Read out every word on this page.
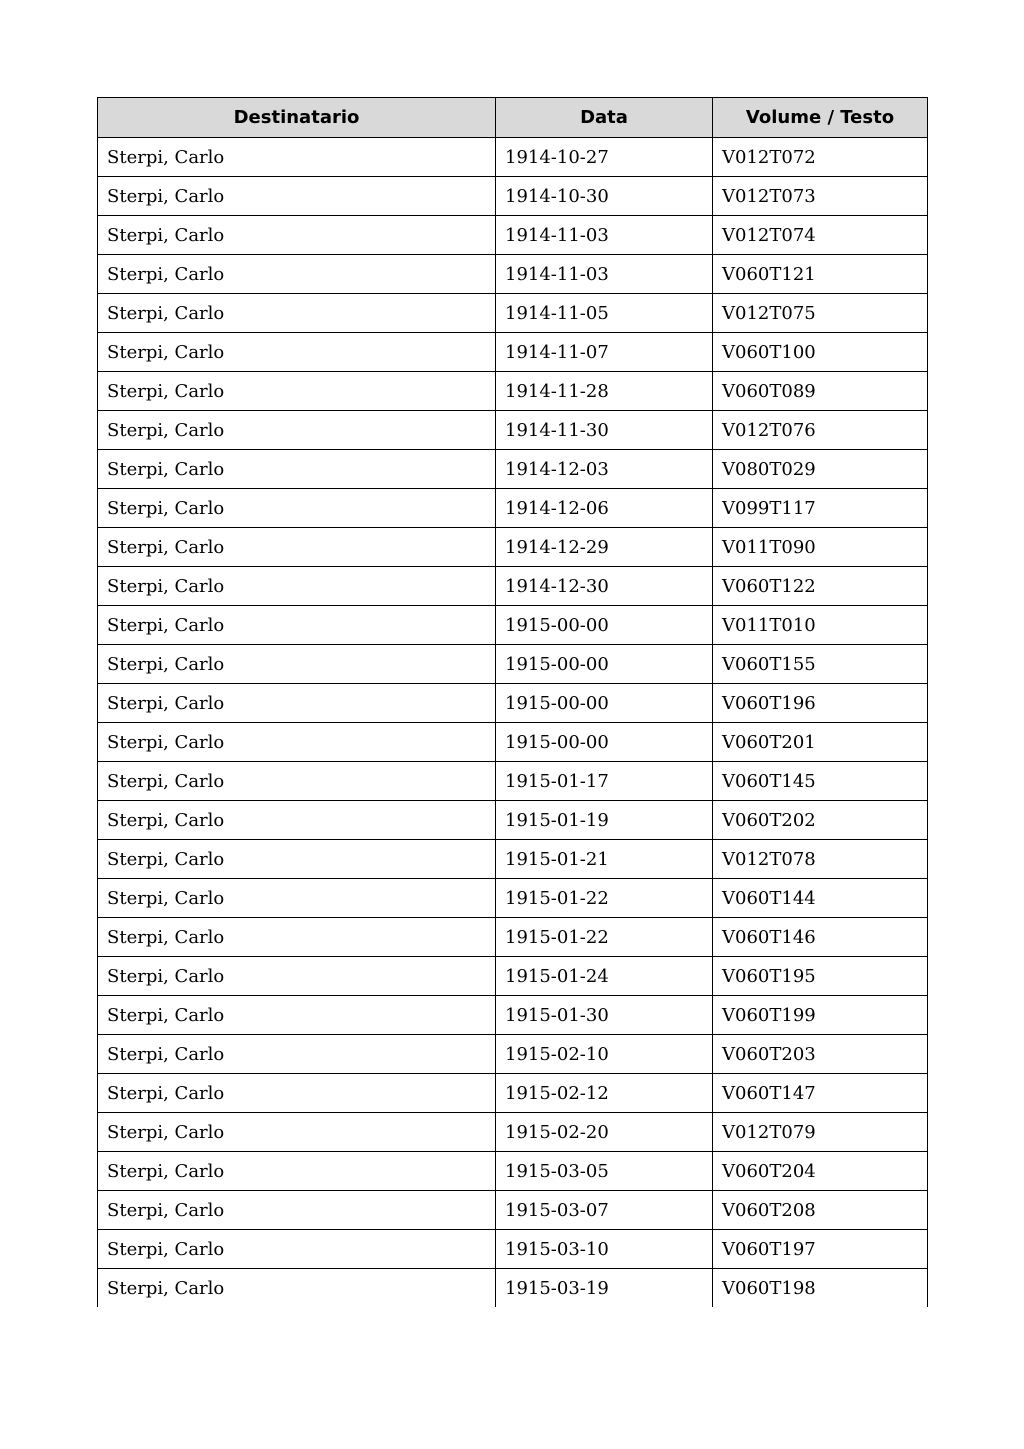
Destinatario	Data	Volume / Testo
Sterpi, Carlo	1914-10-27	V012T072
Sterpi, Carlo	1914-10-30	V012T073
Sterpi, Carlo	1914-11-03	V012T074
Sterpi, Carlo	1914-11-03	V060T121
Sterpi, Carlo	1914-11-05	V012T075
Sterpi, Carlo	1914-11-07	V060T100
Sterpi, Carlo	1914-11-28	V060T089
Sterpi, Carlo	1914-11-30	V012T076
Sterpi, Carlo	1914-12-03	V080T029
Sterpi, Carlo	1914-12-06	V099T117
Sterpi, Carlo	1914-12-29	V011T090
Sterpi, Carlo	1914-12-30	V060T122
Sterpi, Carlo	1915-00-00	V011T010
Sterpi, Carlo	1915-00-00	V060T155
Sterpi, Carlo	1915-00-00	V060T196
Sterpi, Carlo	1915-00-00	V060T201
Sterpi, Carlo	1915-01-17	V060T145
Sterpi, Carlo	1915-01-19	V060T202
Sterpi, Carlo	1915-01-21	V012T078
Sterpi, Carlo	1915-01-22	V060T144
Sterpi, Carlo	1915-01-22	V060T146
Sterpi, Carlo	1915-01-24	V060T195
Sterpi, Carlo	1915-01-30	V060T199
Sterpi, Carlo	1915-02-10	V060T203
Sterpi, Carlo	1915-02-12	V060T147
Sterpi, Carlo	1915-02-20	V012T079
Sterpi, Carlo	1915-03-05	V060T204
Sterpi, Carlo	1915-03-07	V060T208
Sterpi, Carlo	1915-03-10	V060T197
Sterpi, Carlo	1915-03-19	V060T198
